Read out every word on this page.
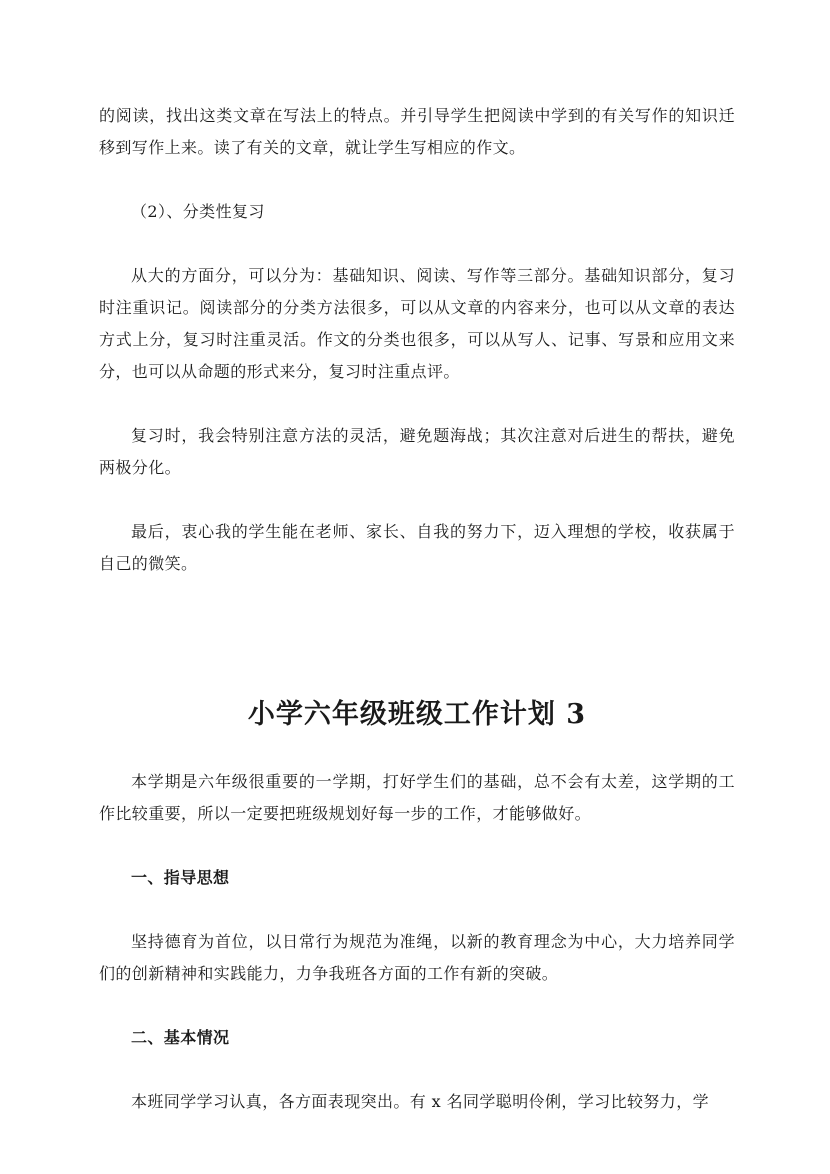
的阅读，找出这类文章在写法上的特点。并引导学生把阅读中学到的有关写作的知识迁移到写作上来。读了有关的文章，就让学生写相应的作文。

（2）、分类性复习

从大的方面分，可以分为：基础知识、阅读、写作等三部分。基础知识部分，复习时注重识记。阅读部分的分类方法很多，可以从文章的内容来分，也可以从文章的表达方式上分，复习时注重灵活。作文的分类也很多，可以从写人、记事、写景和应用文来分，也可以从命题的形式来分，复习时注重点评。

复习时，我会特别注意方法的灵活，避免题海战；其次注意对后进生的帮扶，避免两极分化。

最后，衷心我的学生能在老师、家长、自我的努力下，迈入理想的学校，收获属于自己的微笑。

小学六年级班级工作计划 3

本学期是六年级很重要的一学期，打好学生们的基础，总不会有太差，这学期的工作比较重要，所以一定要把班级规划好每一步的工作，才能够做好。

一、指导思想

坚持德育为首位，以日常行为规范为准绳，以新的教育理念为中心，大力培养同学们的创新精神和实践能力，力争我班各方面的工作有新的突破。

二、基本情况

本班同学学习认真，各方面表现突出。有 x 名同学聪明伶俐，学习比较努力，学
